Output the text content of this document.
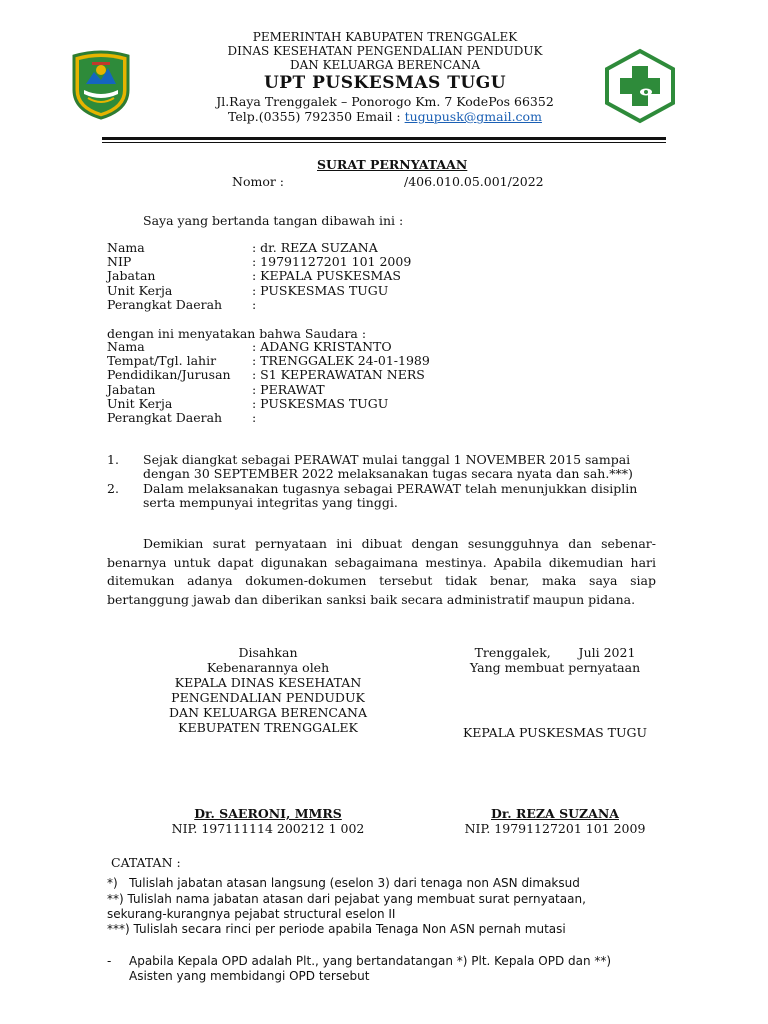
PEMERINTAH KABUPATEN TRENGGALEK
DINAS KESEHATAN PENGENDALIAN PENDUDUK
DAN KELUARGA BERENCANA
UPT PUSKESMAS TUGU
Jl.Raya Trenggalek – Ponorogo Km. 7 KodePos 66352
Telp.(0355) 792350 Email : tugupusk@gmail.com
SURAT PERNYATAAN
Nomor :	/406.010.05.001/2022
Saya yang bertanda tangan dibawah ini :
Nama	: dr. REZA SUZANA
NIP	: 19791127201 101 2009
Jabatan	: KEPALA PUSKESMAS
Unit Kerja	: PUSKESMAS TUGU
Perangkat Daerah :
dengan ini menyatakan bahwa Saudara :
Nama	: ADANG KRISTANTO
Tempat/Tgl. lahir	: TRENGGALEK 24-01-1989
Pendidikan/Jurusan : S1 KEPERAWATAN NERS
Jabatan	: PERAWAT
Unit Kerja	: PUSKESMAS TUGU
Perangkat Daerah :
1. Sejak diangkat sebagai PERAWAT mulai tanggal 1 NOVEMBER 2015 sampai
dengan 30 SEPTEMBER 2022 melaksanakan tugas secara nyata dan sah.***)
2. Dalam melaksanakan tugasnya sebagai PERAWAT telah menunjukkan disiplin
serta mempunyai integritas yang tinggi.
Demikian surat pernyataan ini dibuat dengan sesungguhnya dan sebenar-benarnya untuk dapat digunakan sebagaimana mestinya. Apabila dikemudian hari ditemukan adanya dokumen-dokumen tersebut tidak benar, maka saya siap bertanggung jawab dan diberikan sanksi baik secara administratif maupun pidana.
Disahkan
Kebenarannya oleh
KEPALA DINAS KESEHATAN
PENGENDALIAN PENDUDUK
DAN KELUARGA BERENCANA
KEBUPATEN TRENGGALEK
Dr. SAERONI, MMRS
NIP. 197111114 200212 1 002
Trenggalek,       Juli 2021
Yang membuat pernyataan
KEPALA PUSKESMAS TUGU
Dr. REZA SUZANA
NIP. 19791127201 101 2009
CATATAN :
*)   Tulislah jabatan atasan langsung (eselon 3) dari tenaga non ASN dimaksud
**) Tulislah nama jabatan atasan dari pejabat yang membuat surat pernyataan,
sekurang-kurangnya pejabat structural eselon II
***) Tulislah secara rinci per periode apabila Tenaga Non ASN pernah mutasi
- Apabila Kepala OPD adalah Plt., yang bertandatangan *) Plt. Kepala OPD dan **)
Asisten yang membidangi OPD tersebut
